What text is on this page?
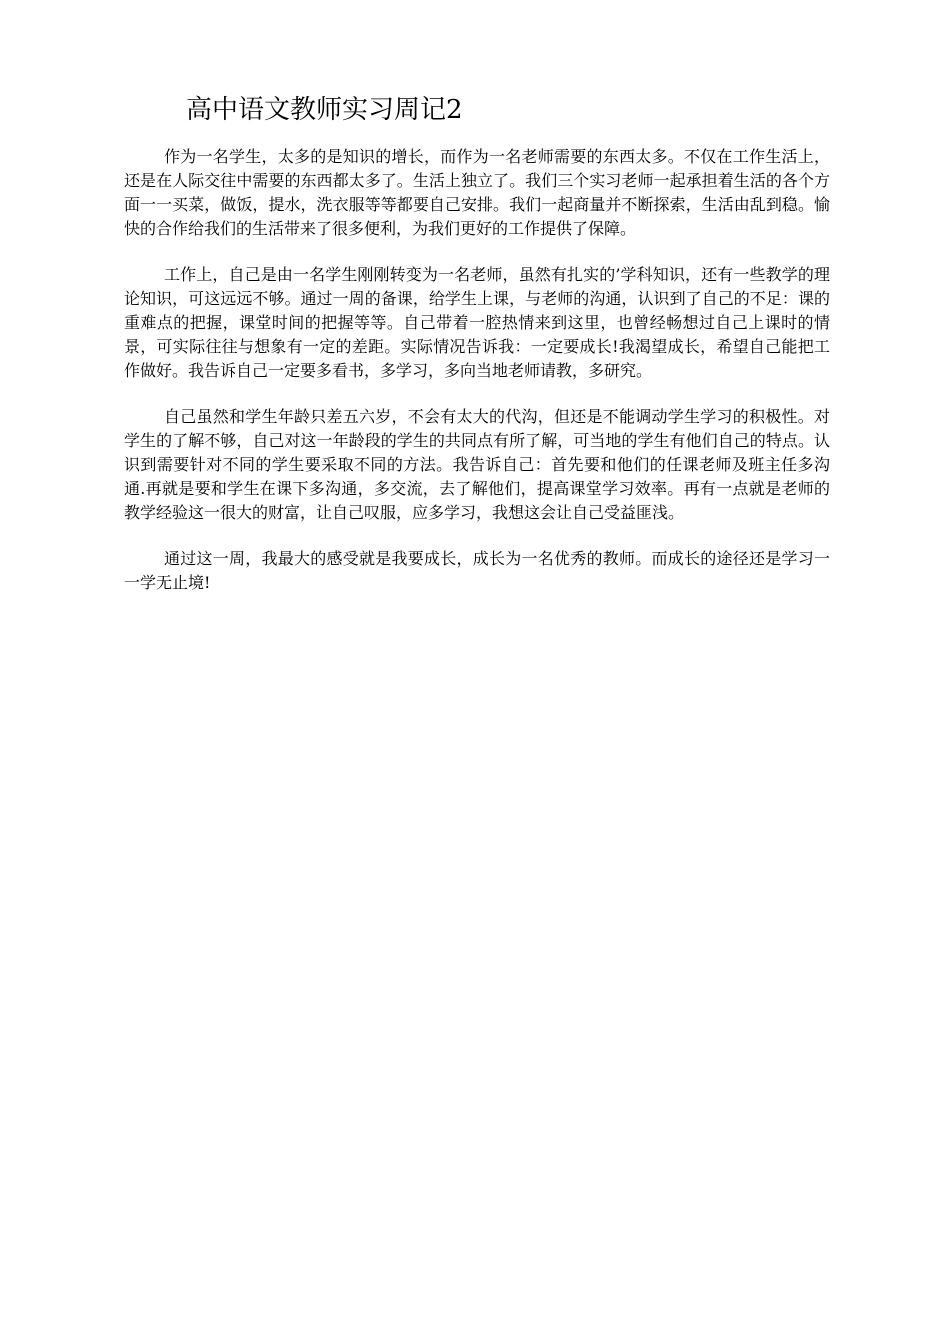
高中语文教师实习周记2

作为一名学生，太多的是知识的增长，而作为一名老师需要的东西太多。不仅在工作生活上，还是在人际交往中需要的东西都太多了。生活上独立了。我们三个实习老师一起承担着生活的各个方面一一买菜，做饭，提水，洗衣服等等都要自己安排。我们一起商量并不断探索，生活由乱到稳。愉快的合作给我们的生活带来了很多便利，为我们更好的工作提供了保障。

工作上，自己是由一名学生刚刚转变为一名老师，虽然有扎实的’学科知识，还有一些教学的理论知识，可这远远不够。通过一周的备课，给学生上课，与老师的沟通，认识到了自己的不足：课的重难点的把握，课堂时间的把握等等。自己带着一腔热情来到这里，也曾经畅想过自己上课时的情景，可实际往往与想象有一定的差距。实际情况告诉我：一定要成长!我渴望成长，希望自己能把工作做好。我告诉自己一定要多看书，多学习，多向当地老师请教，多研究。

自己虽然和学生年龄只差五六岁，不会有太大的代沟，但还是不能调动学生学习的积极性。对学生的了解不够，自己对这一年龄段的学生的共同点有所了解，可当地的学生有他们自己的特点。认识到需要针对不同的学生要采取不同的方法。我告诉自己：首先要和他们的任课老师及班主任多沟通.再就是要和学生在课下多沟通，多交流，去了解他们，提高课堂学习效率。再有一点就是老师的教学经验这一很大的财富，让自己叹服，应多学习，我想这会让自己受益匪浅。

通过这一周，我最大的感受就是我要成长，成长为一名优秀的教师。而成长的途径还是学习一一学无止境!
